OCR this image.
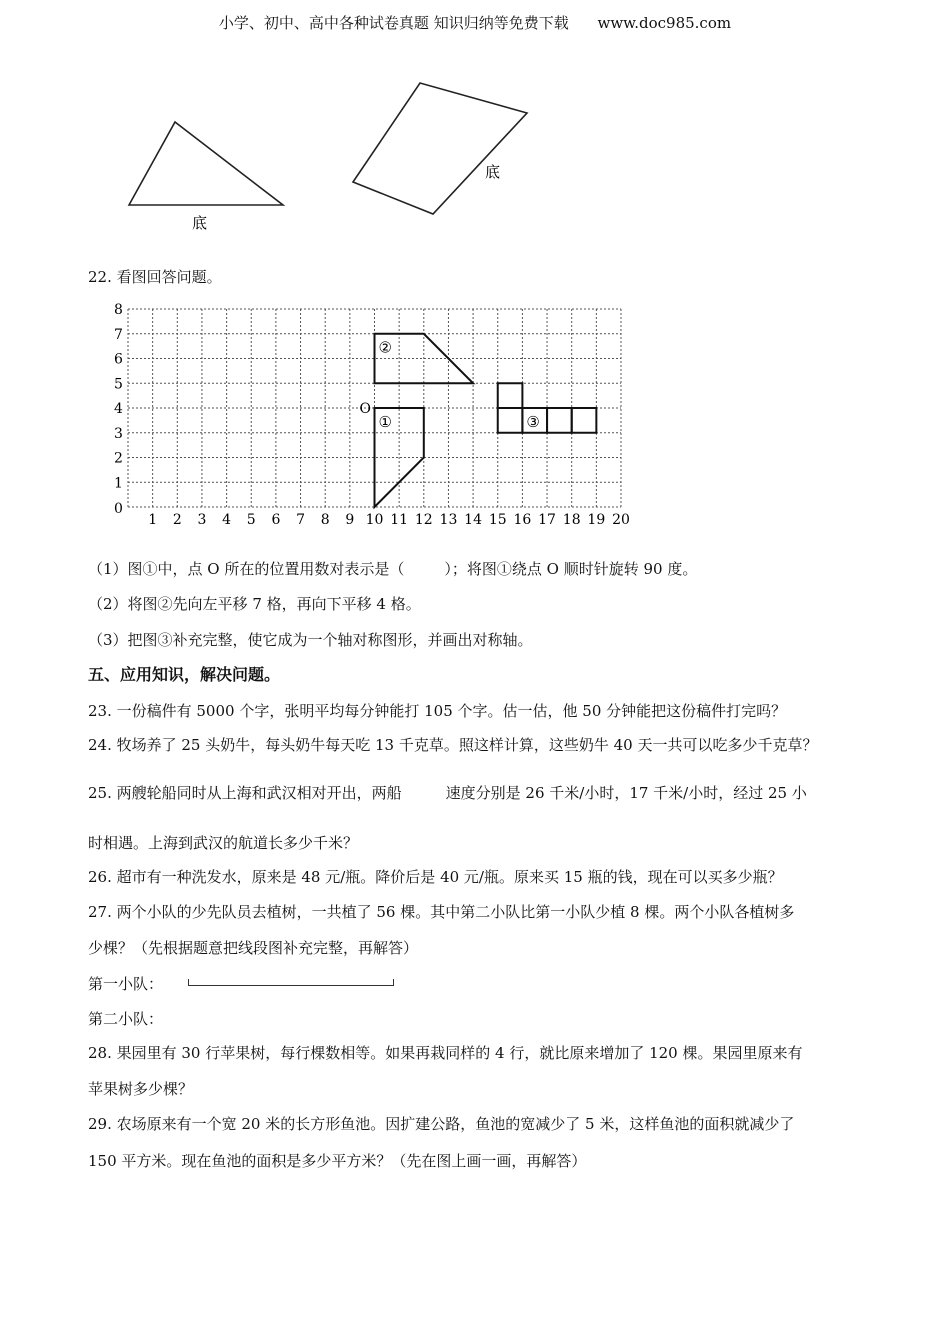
小学、初中、高中各种试卷真题 知识归纳等免费下载 www.doc985.com
底
底
0
1 2 3 4 5 6 7 8 9 10 11 12 13 14 15 16 17 18 19 20
1
2
3
4
5
6
7
8
O
①
②
③
22. 看图回答问题。
（1）图①中，点 O 所在的位置用数对表示是（	）；将图①绕点 O 顺时针旋转 90 度。
（2）将图②先向左平移 7 格，再向下平移 4 格。
（3）把图③补充完整，使它成为一个轴对称图形，并画出对称轴。
五、应用知识，解决问题。
23. 一份稿件有 5000 个字，张明平均每分钟能打 105 个字。估一估，他 50 分钟能把这份稿件打完吗？
24. 牧场养了 25 头奶牛，每头奶牛每天吃 13 千克草。照这样计算，这些奶牛 40 天一共可以吃多少千克草？
25. 两艘轮船同时从上海和武汉相对开出，两船	速度分别是 26 千米/小时，17 千米/小时，经过 25 小
时相遇。上海到武汉的航道长多少千米？
26. 超市有一种洗发水，原来是 48 元/瓶。降价后是 40 元/瓶。原来买 15 瓶的钱，现在可以买多少瓶？
27. 两个小队的少先队员去植树，一共植了 56 棵。其中第二小队比第一小队少植 8 棵。两个小队各植树多
少棵？（先根据题意把线段图补充完整，再解答）
第一小队：
第二小队：
28. 果园里有 30 行苹果树，每行棵数相等。如果再栽同样的 4 行，就比原来增加了 120 棵。果园里原来有
苹果树多少棵？
29. 农场原来有一个宽 20 米的长方形鱼池。因扩建公路，鱼池的宽减少了 5 米，这样鱼池的面积就减少了
150 平方米。现在鱼池的面积是多少平方米？（先在图上画一画，再解答）
